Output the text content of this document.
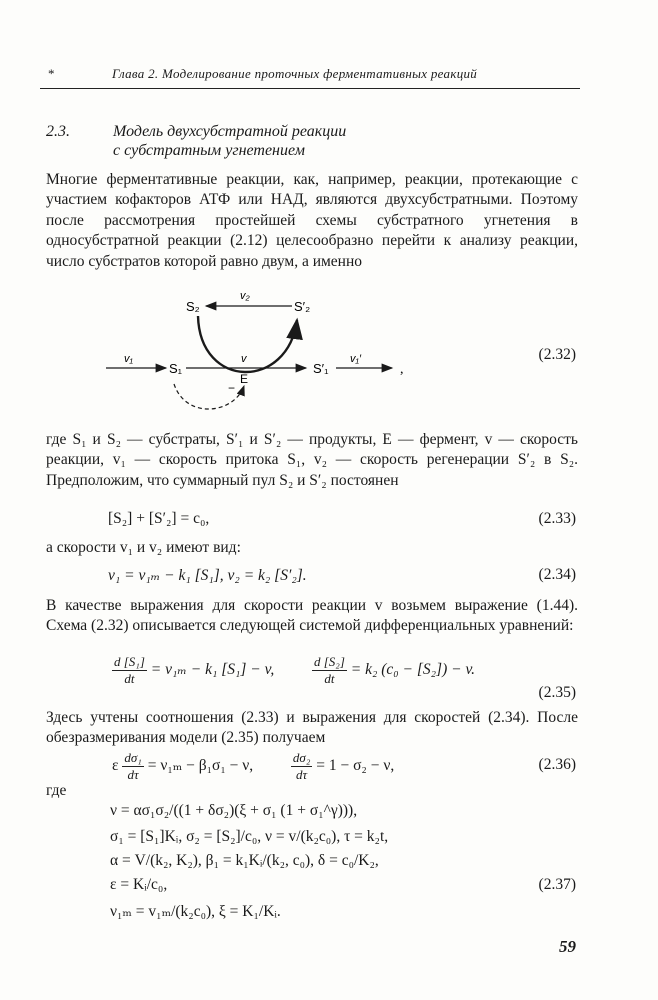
*	Глава 2. Моделирование проточных ферментативных реакций
2.3.	Модель двухсубстратной реакции
с субстратным угнетением
Многие ферментативные реакции, как, например, реакции, протекающие с участием кофакторов АТФ или НАД, являются двухсубстратными. Поэтому после рассмотрения простейшей схемы субстратного угнетения в односубстратной реакции (2.12) целесообразно перейти к анализу реакции, число субстратов которой равно двум, а именно
S₂	S′₂
v₂
v₁
S₁
v
S′₁
v₁′
E
−
,
(2.32)
где S₁ и S₂ — субстраты, S′₁ и S′₂ — продукты, E — фермент, v — скорость реакции, v₁ — скорость притока S₁, v₂ — скорость регенерации S′₂ в S₂. Предположим, что суммарный пул S₂ и S′₂ постоянен
[S₂] + [S′₂] = c₀,	(2.33)
а скорости v₁ и v₂ имеют вид:
v₁ = v₁ₘ − k₁ [S₁], v₂ = k₂ [S′₂].	(2.34)
В качестве выражения для скорости реакции v возьмем выражение (1.44). Схема (2.32) описывается следующей системой дифференциальных уравнений:
$\frac{\text{d [S₁]}}{dt} = v_{1m} - k_1$ [S₁] − v,	$\frac{\text{d [S₂]}}{dt} = k_2$ (c₀ − [S₂]) − v.
(2.35)
Здесь учтены соотношения (2.33) и выражения для скоростей (2.34). После обезразмеривания модели (2.35) получаем
ε $\frac{\text{dσ₁}}{d\tau} = \nu_{1m} - \beta_1\sigma_1 - \nu$,	$\frac{\text{dσ₂}}{d\tau} = 1 - \sigma_2 - \nu$,	(2.36)
где
ν = ασ₁σ₂/((1 + δσ₂)(ξ + σ₁ (1 + σ₁^γ))),
σ₁ = [S₁]Kᵢ, σ₂ = [S₂]/c₀, ν = v/(k₂c₀), τ = k₂t,
α = V/(k₂, K₂), β₁ = k₁Kᵢ/(k₂, c₀), δ = c₀/K₂,
ε = Kᵢ/c₀,	(2.37)
ν₁ₘ = v₁ₘ/(k₂c₀), ξ = K₁/Kᵢ.
59
